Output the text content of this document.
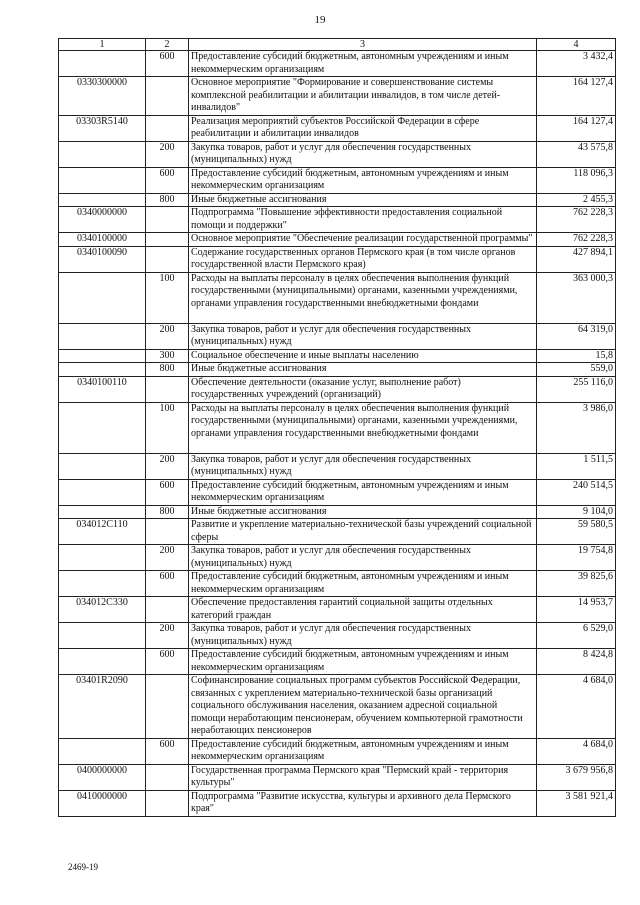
19
1	2	3	4
	600	Предоставление субсидий бюджетным, автономным учреждениям и иным некоммерческим организациям	3 432,4
0330300000		Основное мероприятие "Формирование и совершенствование системы комплексной реабилитации и абилитации инвалидов, в том числе детей-инвалидов"	164 127,4
03303R5140		Реализация мероприятий субъектов Российской Федерации в сфере реабилитации и абилитации инвалидов	164 127,4
	200	Закупка товаров, работ и услуг для обеспечения государственных (муниципальных) нужд	43 575,8
	600	Предоставление субсидий бюджетным, автономным учреждениям и иным некоммерческим организациям	118 096,3
	800	Иные бюджетные ассигнования	2 455,3
0340000000		Подпрограмма "Повышение эффективности предоставления социальной помощи и поддержки"	762 228,3
0340100000		Основное мероприятие "Обеспечение реализации государственной программы"	762 228,3
0340100090		Содержание государственных органов Пермского края (в том числе органов государственной власти Пермского края)	427 894,1
	100	Расходы на выплаты персоналу в целях обеспечения выполнения функций государственными (муниципальными) органами, казенными учреждениями, органами управления государственными внебюджетными фондами	363 000,3
	200	Закупка товаров, работ и услуг для обеспечения государственных (муниципальных) нужд	64 319,0
	300	Социальное обеспечение и иные выплаты населению	15,8
	800	Иные бюджетные ассигнования	559,0
0340100110		Обеспечение деятельности (оказание услуг, выполнение работ) государственных учреждений (организаций)	255 116,0
	100	Расходы на выплаты персоналу в целях обеспечения выполнения функций государственными (муниципальными) органами, казенными учреждениями, органами управления государственными внебюджетными фондами	3 986,0
	200	Закупка товаров, работ и услуг для обеспечения государственных (муниципальных) нужд	1 511,5
	600	Предоставление субсидий бюджетным, автономным учреждениям и иным некоммерческим организациям	240 514,5
	800	Иные бюджетные ассигнования	9 104,0
034012С110		Развитие и укрепление материально-технической базы учреждений социальной сферы	59 580,5
	200	Закупка товаров, работ и услуг для обеспечения государственных (муниципальных) нужд	19 754,8
	600	Предоставление субсидий бюджетным, автономным учреждениям и иным некоммерческим организациям	39 825,6
034012С330		Обеспечение предоставления гарантий социальной защиты отдельных категорий граждан	14 953,7
	200	Закупка товаров, работ и услуг для обеспечения государственных (муниципальных) нужд	6 529,0
	600	Предоставление субсидий бюджетным, автономным учреждениям и иным некоммерческим организациям	8 424,8
03401R2090		Софинансирование социальных программ субъектов Российской Федерации, связанных с укреплением материально-технической базы организаций социального обслуживания населения, оказанием адресной социальной помощи неработающим пенсионерам, обучением компьютерной грамотности неработающих пенсионеров	4 684,0
	600	Предоставление субсидий бюджетным, автономным учреждениям и иным некоммерческим организациям	4 684,0
0400000000		Государственная программа Пермского края "Пермский край - территория культуры"	3 679 956,8
0410000000		Подпрограмма "Развитие искусства, культуры и архивного дела Пермского края"	3 581 921,4
2469-19
